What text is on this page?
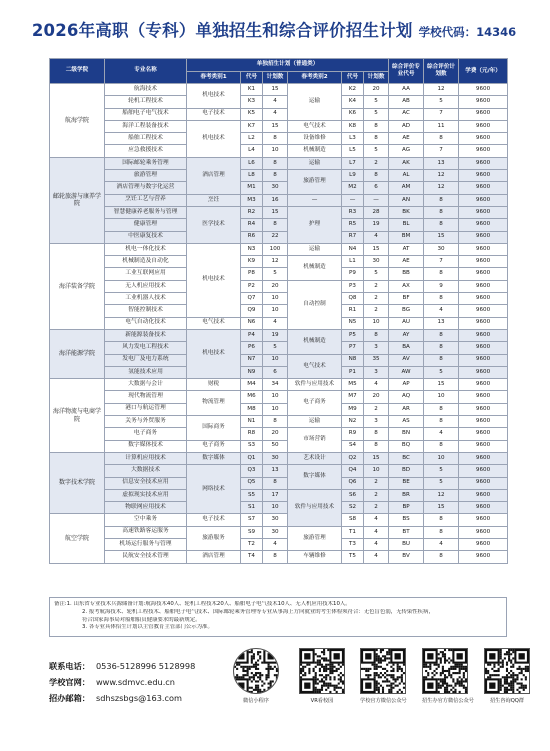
2026年高职（专科）单独招生和综合评价招生计划 学校代码：14346
二级学院	专业名称	单独招生计划（普通类）						综合评价专业代号	综合评价计划数	学费（元/年）
		春考类别1	代号	计划数	春考类别2	代号	计划数			
航海学院	航海技术	机电技术	K1	15	运输	K2	20	AA	12	9600
	轮机工程技术		K3	4		K4	5	AB	5	9600
	船舶电子电气技术	电子技术	K5	4		K6	5	AC	7	9600
	海洋工程装备技术	机电技术	K7	15	电气技术	K8	8	AD	11	9600
	船舶工程技术		L2	8	设备维修	L3	8	AE	8	9600
	应急救援技术		L4	10	机械制造	L5	5	AG	7	9600
邮轮旅游与康养学院	国际邮轮乘务管理	酒店管理	L6	8	运输	L7	2	AK	13	9600
	旅游管理		L8	8	旅游管理	L9	8	AL	12	9600
	酒店管理与数字化运营		M1	30		M2	6	AM	12	9600
	烹饪工艺与营养	烹饪	M3	16	—	—	—	AN	8	9600
	智慧健康养老服务与管理	医学技术	R2	15	护理	R3	28	BK	8	9600
	健康管理		R4	8		R5	19	BL	8	9600
	中医康复技术		R6	22		R7	4	BM	15	9600
海洋装备学院	机电一体化技术	机电技术	N3	100	运输	N4	15	AT	30	9600
	机械制造及自动化		K9	12	机械制造	L1	30	AE	7	9600
	工业互联网应用		P8	5		P9	5	BB	8	9600
	无人机应用技术		P2	20	自动控制	P3	2	AX	9	9600
	工业机器人技术		Q7	10		Q8	2	BF	8	9600
	智能控制技术		Q9	10		R1	2	BG	4	9600
	电气自动化技术	电气技术	N6	4		N5	10	AU	13	9600
海洋能源学院	新能源装备技术	机电技术	P4	19	机械制造	P5	8	AY	8	9600
	风力发电工程技术		P6	5		P7	3	BA	8	9600
	发电厂及电力系统		N7	10	电气技术	N8	35	AV	8	9600
	氢能技术应用		N9	6		P1	3	AW	5	9600
海洋物流与电商学院	大数据与会计	财税	M4	34	软件与应用技术	M5	4	AP	15	9600
	现代物流管理	物流管理	M6	10	电子商务	M7	20	AQ	10	9600
	港口与航运管理		M8	10		M9	2	AR	8	9600
	关务与外贸服务	国际商务	N1	8	运输	N2	3	AS	8	9600
	电子商务		R8	20	市场营销	R9	8	BN	4	9600
	数字媒体技术	电子商务	S3	50		S4	8	BQ	8	9600
数字技术学院	计算机应用技术	数字媒体	Q1	30	艺术设计	Q2	15	BC	10	9600
	大数据技术	网络技术	Q3	13	数字媒体	Q4	10	BD	5	9600
	信息安全技术应用		Q5	8		Q6	2	BE	5	9600
	虚拟现实技术应用		S5	17	软件与应用技术	S6	2	BR	12	9600
	物联网应用技术		S1	10		S2	2	BP	15	9600
航空学院	空中乘务	电子技术	S7	30		S8	4	BS	8	9600
	高速铁路客运服务	旅游服务	S9	30	旅游管理	T1	4	BT	8	9600
	机场运行服务与管理		T2	4		T3	4	BU	4	9600
	民航安全技术管理	酒店管理	T4	8	车辆维修	T5	4	BV	8	9600
备注:1. 山东省专业技术兵源储备计划:航海技术40人、轮机工程技术20人、船舶电子电气技术10人、无人机应用技术10人。
2. 报考航海技术、轮机工程技术、船舶电子电气技术、国际邮轮乘务管理等专业从事海上方向就业的考生体检须符合：无色盲色弱，无传染性疾病，
符合国家海事局对船舶船员健康要求的最新规定。
3. 各专业具体招生计划以主管教育主管部门公示为准。
联系电话： 0536-5128996 5128998
学校官网： www.sdmvc.edu.cn
招办邮箱： sdhszsbgs@163.com	微信小程序	VR看校园	学校官方微信公众号	招生办官方微信公众号	招生咨询QQ群
